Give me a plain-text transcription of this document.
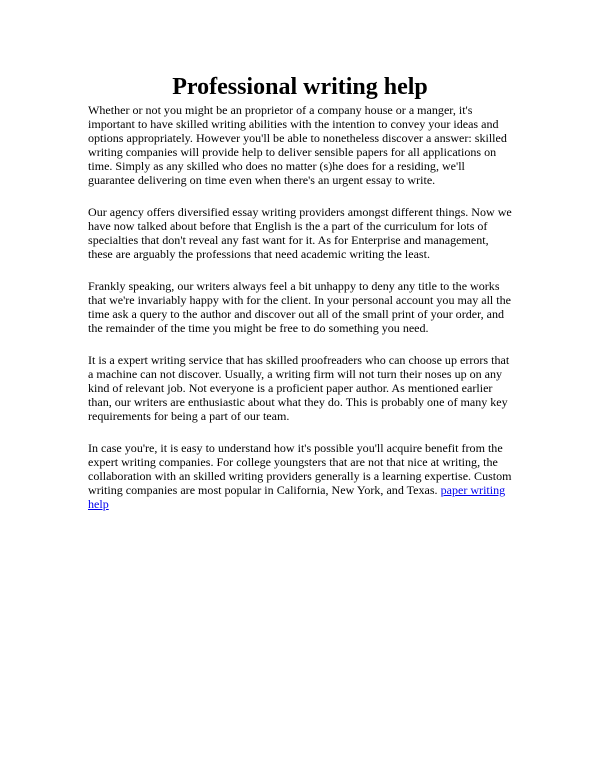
Professional writing help

Whether or not you might be an proprietor of a company house or a manger, it's important to have skilled writing abilities with the intention to convey your ideas and options appropriately. However you'll be able to nonetheless discover a answer: skilled writing companies will provide help to deliver sensible papers for all applications on time. Simply as any skilled who does no matter (s)he does for a residing, we'll guarantee delivering on time even when there's an urgent essay to write.

Our agency offers diversified essay writing providers amongst different things. Now we have now talked about before that English is the a part of the curriculum for lots of specialties that don't reveal any fast want for it. As for Enterprise and management, these are arguably the professions that need academic writing the least.

Frankly speaking, our writers always feel a bit unhappy to deny any title to the works that we're invariably happy with for the client. In your personal account you may all the time ask a query to the author and discover out all of the small print of your order, and the remainder of the time you might be free to do something you need.

It is a expert writing service that has skilled proofreaders who can choose up errors that a machine can not discover. Usually, a writing firm will not turn their noses up on any kind of relevant job. Not everyone is a proficient paper author. As mentioned earlier than, our writers are enthusiastic about what they do. This is probably one of many key requirements for being a part of our team.

In case you're, it is easy to understand how it's possible you'll acquire benefit from the expert writing companies. For college youngsters that are not that nice at writing, the collaboration with an skilled writing providers generally is a learning expertise. Custom writing companies are most popular in California, New York, and Texas. paper writing help
